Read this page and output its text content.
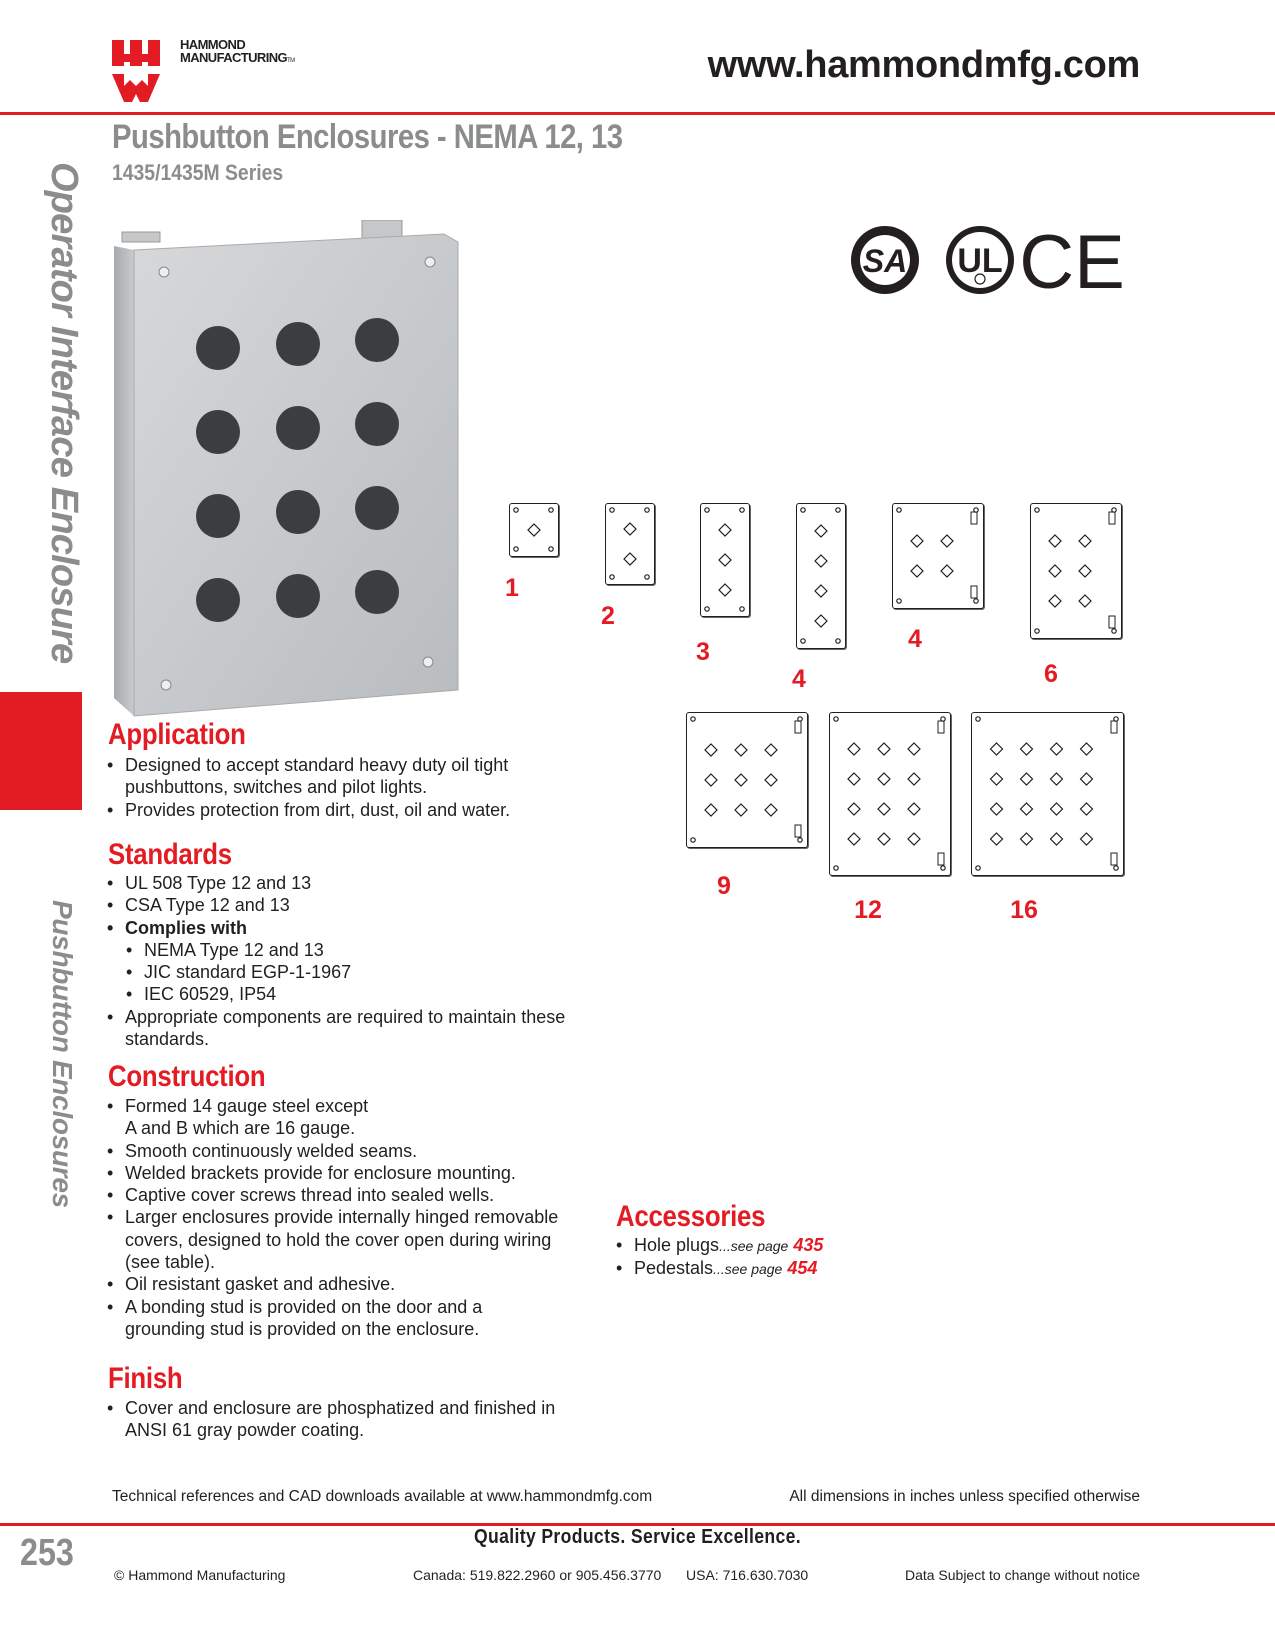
HAMMOND
MANUFACTURINGTM	www.hammondmfg.com
Pushbutton Enclosures - NEMA 12, 13
1435/1435M Series
Operator Interface Enclosure
Pushbutton Enclosures
SA UL CE
Application
• Designed to accept standard heavy duty oil tight pushbuttons, switches and pilot lights.
• Provides protection from dirt, dust, oil and water.
Standards
• UL 508 Type 12 and 13
• CSA Type 12 and 13
• Complies with
• NEMA Type 12 and 13
• JIC standard EGP-1-1967
• IEC 60529, IP54
• Appropriate components are required to maintain these standards.
Construction
• Formed 14 gauge steel except A and B which are 16 gauge.
• Smooth continuously welded seams.
• Welded brackets provide for enclosure mounting.
• Captive cover screws thread into sealed wells.
• Larger enclosures provide internally hinged removable covers, designed to hold the cover open during wiring (see table).
• Oil resistant gasket and adhesive.
• A bonding stud is provided on the door and a grounding stud is provided on the enclosure.
Finish
• Cover and enclosure are phosphatized and finished in ANSI 61 gray powder coating.
Accessories
• Hole plugs...see page 435
• Pedestals...see page 454
1
2
3
4
4
6
9
12	16
Technical references and CAD downloads available at www.hammondmfg.com	All dimensions in inches unless specified otherwise
253	Quality Products. Service Excellence.
© Hammond Manufacturing	Canada: 519.822.2960 or 905.456.3770 USA: 716.630.7030	Data Subject to change without notice
